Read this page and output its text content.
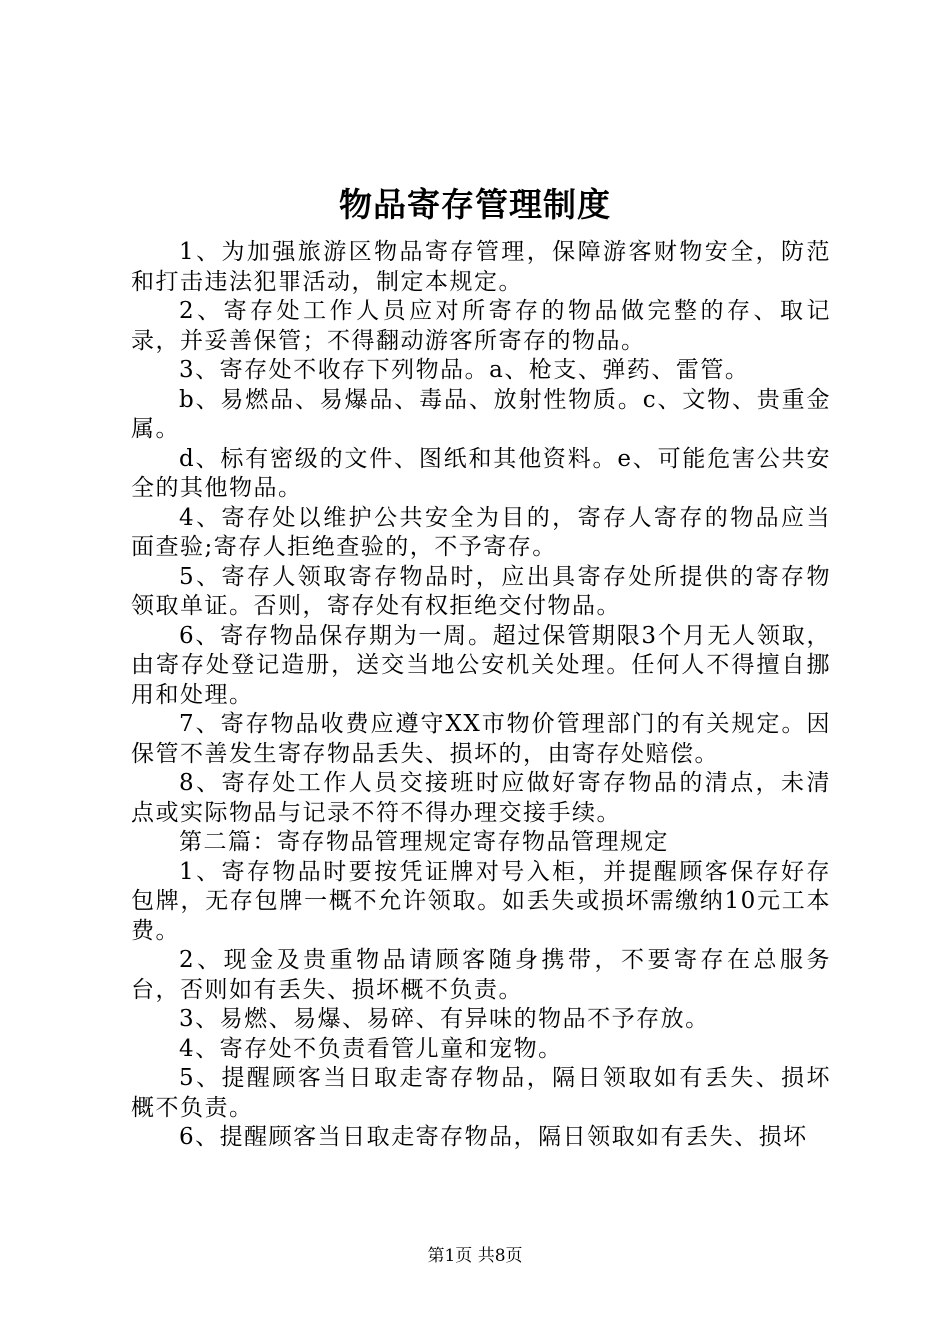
物品寄存管理制度

1、为加强旅游区物品寄存管理，保障游客财物安全，防范和打击违法犯罪活动，制定本规定。

2、寄存处工作人员应对所寄存的物品做完整的存、取记录，并妥善保管；不得翻动游客所寄存的物品。

3、寄存处不收存下列物品。a、枪支、弹药、雷管。

b、易燃品、易爆品、毒品、放射性物质。c、文物、贵重金属。

d、标有密级的文件、图纸和其他资料。e、可能危害公共安全的其他物品。

4、寄存处以维护公共安全为目的，寄存人寄存的物品应当面查验;寄存人拒绝查验的，不予寄存。

5、寄存人领取寄存物品时，应出具寄存处所提供的寄存物领取单证。否则，寄存处有权拒绝交付物品。

6、寄存物品保存期为一周。超过保管期限3个月无人领取，由寄存处登记造册，送交当地公安机关处理。任何人不得擅自挪用和处理。

7、寄存物品收费应遵守XX市物价管理部门的有关规定。因保管不善发生寄存物品丢失、损坏的，由寄存处赔偿。

8、寄存处工作人员交接班时应做好寄存物品的清点，未清点或实际物品与记录不符不得办理交接手续。

第二篇：寄存物品管理规定寄存物品管理规定

1、寄存物品时要按凭证牌对号入柜，并提醒顾客保存好存包牌，无存包牌一概不允许领取。如丢失或损坏需缴纳10元工本费。

2、现金及贵重物品请顾客随身携带，不要寄存在总服务台，否则如有丢失、损坏概不负责。

3、易燃、易爆、易碎、有异味的物品不予存放。

4、寄存处不负责看管儿童和宠物。

5、提醒顾客当日取走寄存物品，隔日领取如有丢失、损坏概不负责。

6、提醒顾客当日取走寄存物品，隔日领取如有丢失、损坏

第1页 共8页
